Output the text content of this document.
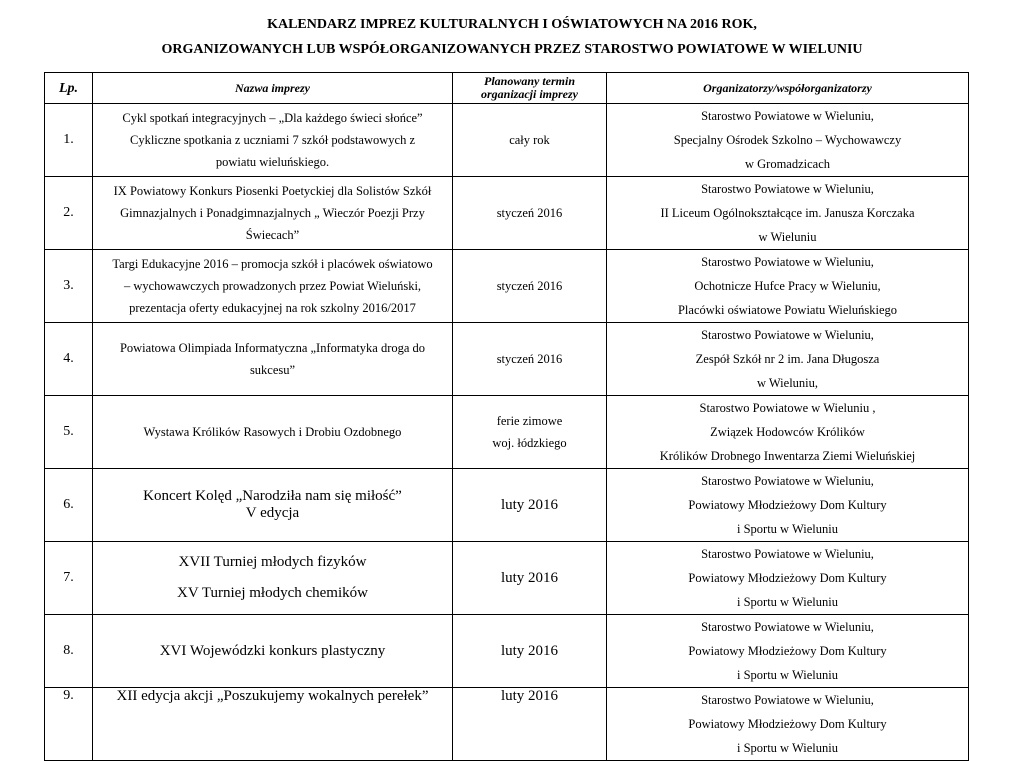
KALENDARZ IMPREZ KULTURALNYCH I OŚWIATOWYCH NA 2016 ROK,
ORGANIZOWANYCH LUB WSPÓŁORGANIZOWANYCH PRZEZ STAROSTWO POWIATOWE W WIELUNIU
Lp.	Nazwa imprezy	Planowany termin
organizacji imprezy	Organizatorzy/współorganizatorzy
1.	Cykl spotkań integracyjnych – „Dla każdego świeci słońce”
Cykliczne spotkania z uczniami 7 szkół podstawowych z
powiatu wieluńskiego.	cały rok	Starostwo Powiatowe w Wieluniu,
Specjalny Ośrodek Szkolno – Wychowawczy
w Gromadzicach

2.	IX Powiatowy Konkurs Piosenki Poetyckiej dla Solistów Szkół
Gimnazjalnych i Ponadgimnazjalnych „ Wieczór Poezji Przy
Świecach”	styczeń 2016	Starostwo Powiatowe w Wieluniu,
II Liceum Ogólnokształcące im. Janusza Korczaka
w Wieluniu

3.	Targi Edukacyjne 2016 – promocja szkół i placówek oświatowo
– wychowawczych prowadzonych przez Powiat Wieluński,
prezentacja oferty edukacyjnej na rok szkolny 2016/2017	styczeń 2016	Starostwo Powiatowe w Wieluniu,
Ochotnicze Hufce Pracy w Wieluniu,
Placówki oświatowe Powiatu Wieluńskiego

4.	Powiatowa Olimpiada Informatyczna „Informatyka droga do
sukcesu”	styczeń 2016	Starostwo Powiatowe w Wieluniu,
Zespół Szkół nr 2 im. Jana Długosza
w Wieluniu,

5.	Wystawa Królików Rasowych i Drobiu Ozdobnego	ferie zimowe
woj. łódzkiego	Starostwo Powiatowe w Wieluniu ,
Związek Hodowców Królików
Królików Drobnego Inwentarza Ziemi Wieluńskiej

6.	Koncert Kolęd „Narodziła nam się miłość”
V edycja	luty 2016	Starostwo Powiatowe w Wieluniu,
Powiatowy Młodzieżowy Dom Kultury
i Sportu w Wieluniu

7.	XVII Turniej młodych fizyków
XV Turniej młodych chemików	luty 2016	Starostwo Powiatowe w Wieluniu,
Powiatowy Młodzieżowy Dom Kultury
i Sportu w Wieluniu

8.	XVI Wojewódzki konkurs plastyczny	luty 2016	Starostwo Powiatowe w Wieluniu,
Powiatowy Młodzieżowy Dom Kultury
i Sportu w Wieluniu

9.	XII edycja akcji „Poszukujemy wokalnych perełek”	luty 2016	Starostwo Powiatowe w Wieluniu,
Powiatowy Młodzieżowy Dom Kultury
i Sportu w Wieluniu
